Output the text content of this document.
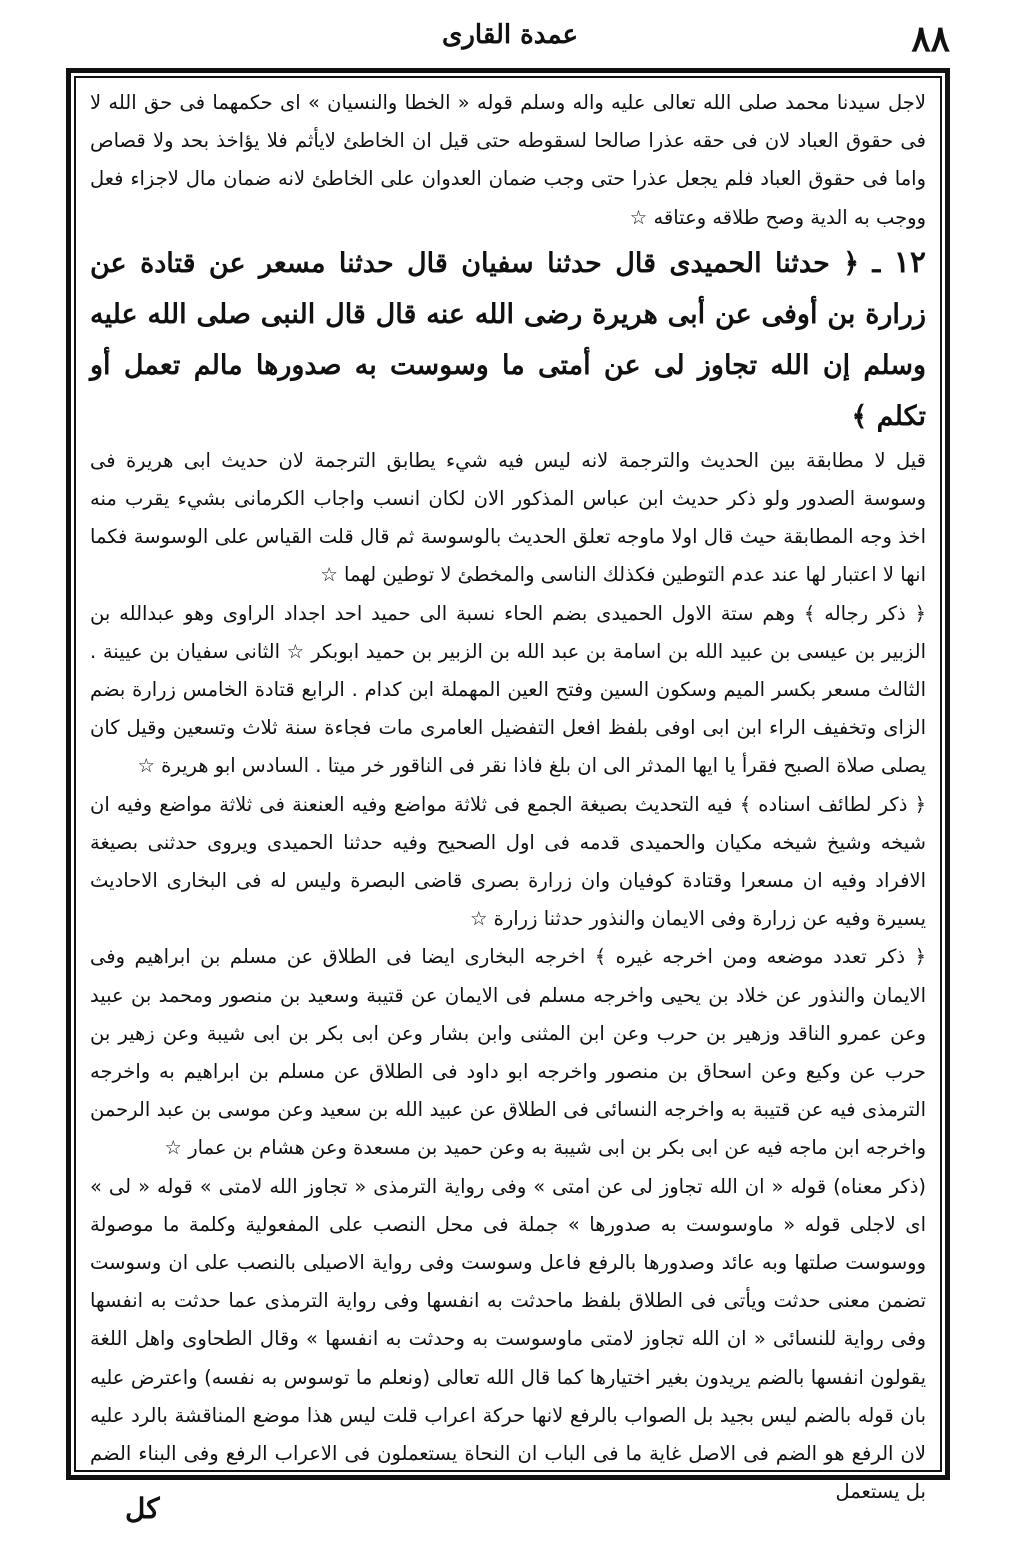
عمدة القارى	٨٨

لاجل سيدنا محمد صلى الله تعالى عليه واله وسلم قوله « الخطا والنسيان » اى حكمهما فى حق الله لا فى حقوق العباد لان فى حقه عذرا صالحا لسقوطه حتى قيل ان الخاطئ لايأثم فلا يؤاخذ بحد ولا قصاص واما فى حقوق العباد فلم يجعل عذرا حتى وجب ضمان العدوان على الخاطئ لانه ضمان مال لاجزاء فعل ووجب به الدية وصح طلاقه وعتاقه ☆

١٢ ـ ﴿ حدثنا الحميدى قال حدثنا سفيان قال حدثنا مسعر عن قتادة عن زرارة بن أوفى عن أبى هريرة رضى الله عنه قال قال النبى صلى الله عليه وسلم إن الله تجاوز لى عن أمتى ما وسوست به صدورها مالم تعمل أو تكلم ﴾

قيل لا مطابقة بين الحديث والترجمة لانه ليس فيه شيء يطابق الترجمة لان حديث ابى هريرة فى وسوسة الصدور ولو ذكر حديث ابن عباس المذكور الان لكان انسب واجاب الكرمانى بشيء يقرب منه اخذ وجه المطابقة حيث قال اولا ماوجه تعلق الحديث بالوسوسة ثم قال قلت القياس على الوسوسة فكما انها لا اعتبار لها عند عدم التوطين فكذلك الناسى والمخطئ لا توطين لهما ☆

﴿ ذكر رجاله ﴾ وهم ستة الاول الحميدى بضم الحاء نسبة الى حميد احد اجداد الراوى وهو عبدالله بن الزبير بن عيسى بن عبيد الله بن اسامة بن عبد الله بن الزبير بن حميد ابوبكر ☆ الثانى سفيان بن عيينة . الثالث مسعر بكسر الميم وسكون السين وفتح العين المهملة ابن كدام . الرابع قتادة الخامس زرارة بضم الزاى وتخفيف الراء ابن ابى اوفى بلفظ افعل التفضيل العامرى مات فجاءة سنة ثلاث وتسعين وقيل كان يصلى صلاة الصبح فقرأ يا ايها المدثر الى ان بلغ فاذا نقر فى الناقور خر ميتا . السادس ابو هريرة ☆

﴿ ذكر لطائف اسناده ﴾ فيه التحديث بصيغة الجمع فى ثلاثة مواضع وفيه العنعنة فى ثلاثة مواضع وفيه ان شيخه وشيخ شيخه مكيان والحميدى قدمه فى اول الصحيح وفيه حدثنا الحميدى ويروى حدثنى بصيغة الافراد وفيه ان مسعرا وقتادة كوفيان وان زرارة بصرى قاضى البصرة وليس له فى البخارى الاحاديث يسيرة وفيه عن زرارة وفى الايمان والنذور حدثنا زرارة ☆

﴿ ذكر تعدد موضعه ومن اخرجه غيره ﴾ اخرجه البخارى ايضا فى الطلاق عن مسلم بن ابراهيم وفى الايمان والنذور عن خلاد بن يحيى واخرجه مسلم فى الايمان عن قتيبة وسعيد بن منصور ومحمد بن عبيد وعن عمرو الناقد وزهير بن حرب وعن ابن المثنى وابن بشار وعن ابى بكر بن ابى شيبة وعن زهير بن حرب عن وكيع وعن اسحاق بن منصور واخرجه ابو داود فى الطلاق عن مسلم بن ابراهيم به واخرجه الترمذى فيه عن قتيبة به واخرجه النسائى فى الطلاق عن عبيد الله بن سعيد وعن موسى بن عبد الرحمن واخرجه ابن ماجه فيه عن ابى بكر بن ابى شيبة به وعن حميد بن مسعدة وعن هشام بن عمار ☆

(ذكر معناه) قوله « ان الله تجاوز لى عن امتى » وفى رواية الترمذى « تجاوز الله لامتى » قوله « لى » اى لاجلى قوله « ماوسوست به صدورها » جملة فى محل النصب على المفعولية وكلمة ما موصولة ووسوست صلتها وبه عائد وصدورها بالرفع فاعل وسوست وفى رواية الاصيلى بالنصب على ان وسوست تضمن معنى حدثت ويأتى فى الطلاق بلفظ ماحدثت به انفسها وفى رواية الترمذى عما حدثت به انفسها وفى رواية للنسائى « ان الله تجاوز لامتى ماوسوست به وحدثت به انفسها » وقال الطحاوى واهل اللغة يقولون انفسها بالضم يريدون بغير اختيارها كما قال الله تعالى (ونعلم ما توسوس به نفسه) واعترض عليه بان قوله بالضم ليس بجيد بل الصواب بالرفع لانها حركة اعراب قلت ليس هذا موضع المناقشة بالرد عليه لان الرفع هو الضم فى الاصل غاية ما فى الباب ان النحاة يستعملون فى الاعراب الرفع وفى البناء الضم بل يستعمل

كل
